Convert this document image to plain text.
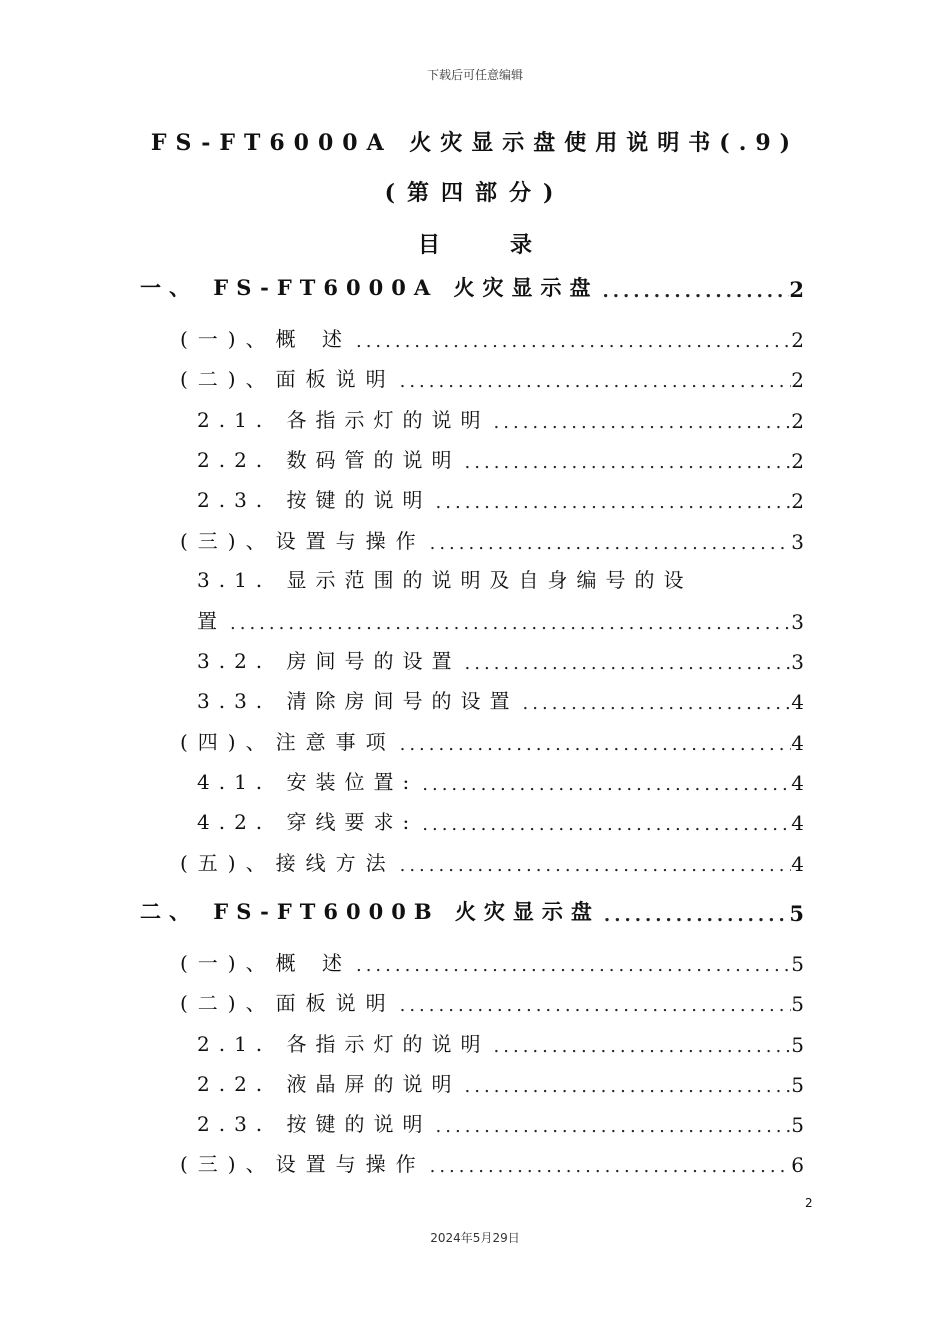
下载后可任意编辑
FS-FT6000A 火灾显示盘使用说明书(.9)
(第四部分)
目	录
一、 FS-FT6000A 火灾显示盘 .....	2
(一)、概 述 .....	2
(二)、面板说明 .....	2
2.1. 各指示灯的说明 .....	2
2.2. 数码管的说明 .....	2
2.3. 按键的说明 .....	2
(三)、设置与操作 .....	3
3.1. 显示范围的说明及自身编号的设
置 .....	3
3.2. 房间号的设置 .....	3
3.3. 清除房间号的设置 .....	4
(四)、注意事项 .....	4
4.1. 安装位置: .....	4
4.2. 穿线要求: .....	4
(五)、接线方法 .....	4
二、 FS-FT6000B 火灾显示盘 .....	5
(一)、概 述 .....	5
(二)、面板说明 .....	5
2.1. 各指示灯的说明 .....	5
2.2. 液晶屏的说明 .....	5
2.3. 按键的说明 .....	5
(三)、设置与操作 .....	6
2
2024年5月29日
